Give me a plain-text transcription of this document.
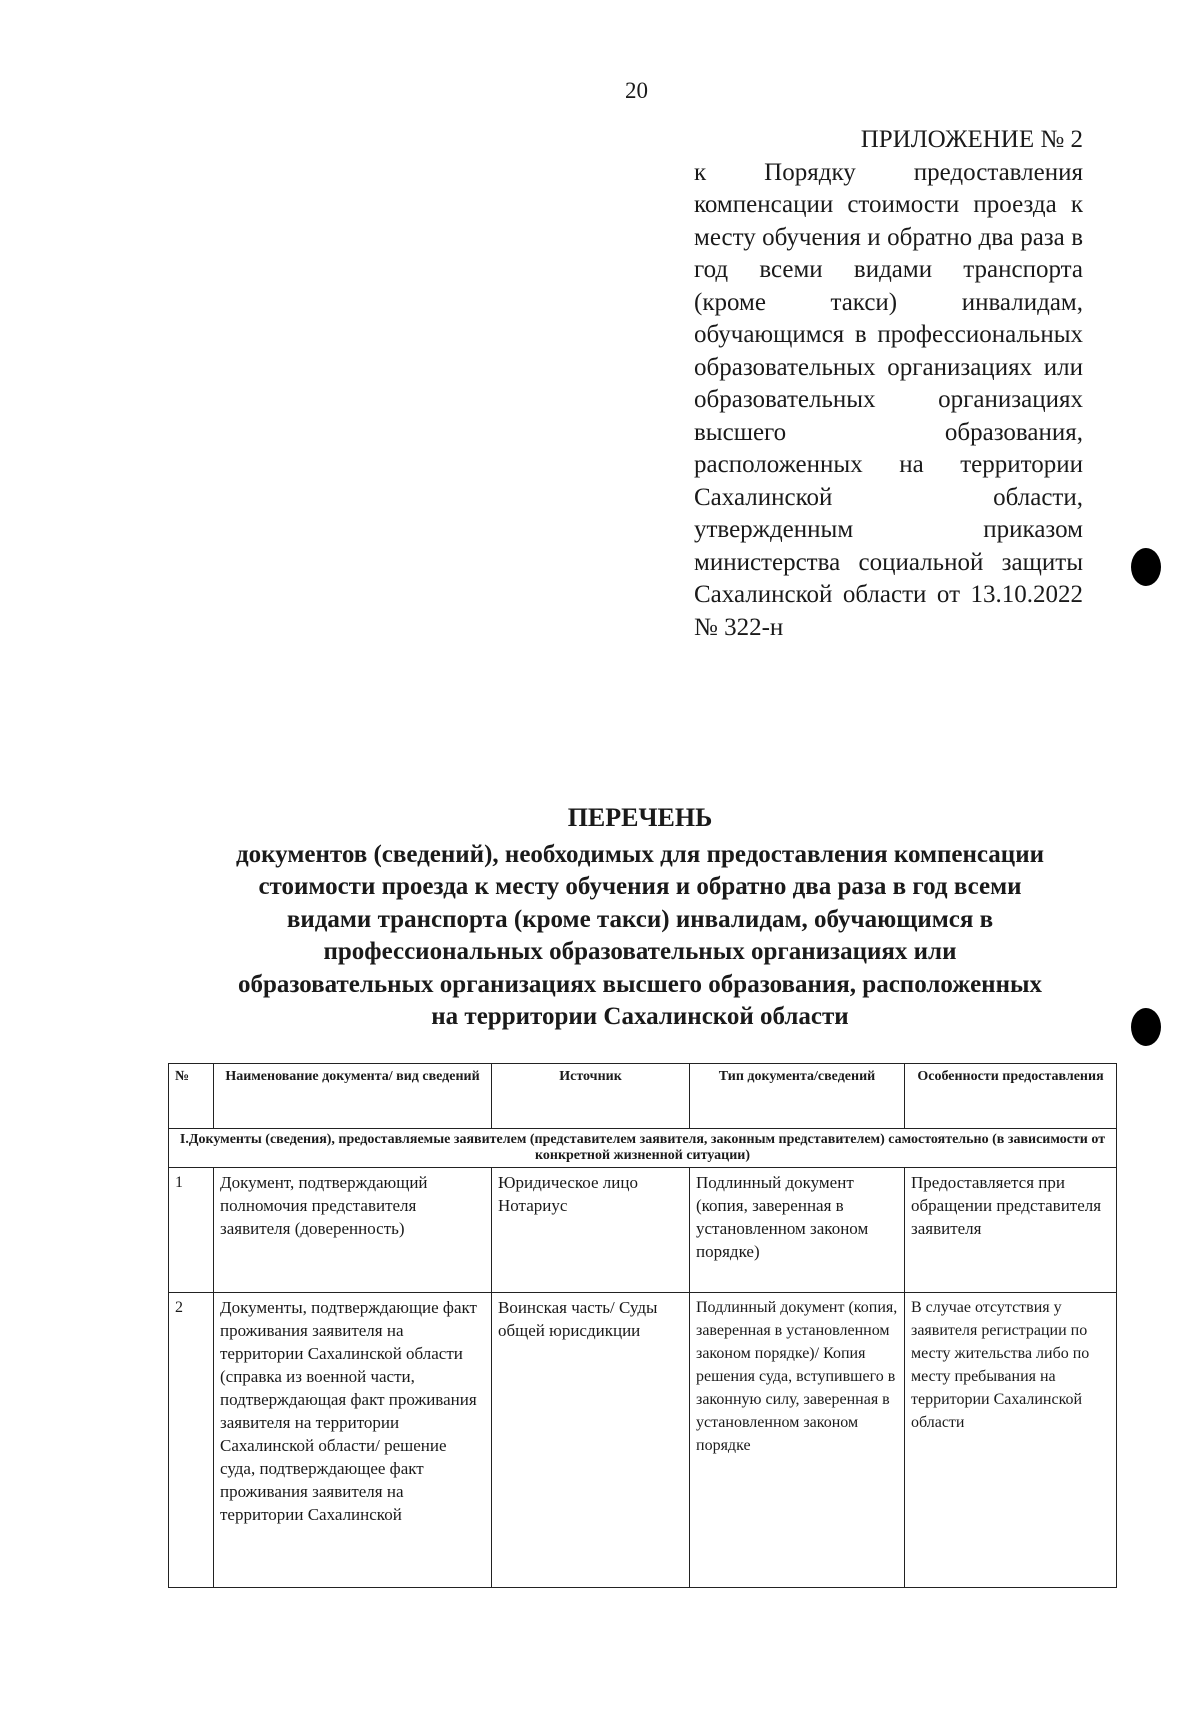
20
ПРИЛОЖЕНИЕ № 2
к Порядку предоставления компенсации стоимости проезда к месту обучения и обратно два раза в год всеми видами транспорта (кроме	такси) инвалидам, обучающимся в профессиональных образовательных организациях или образовательных	организациях высшего	образования, расположенных на территории Сахалинской	области, утвержденным	приказом министерства социальной защиты Сахалинской области от 13.10.2022 № 322-н
ПЕРЕЧЕНЬ
документов (сведений), необходимых для предоставления компенсации
стоимости проезда к месту обучения и обратно два раза в год всеми
видами транспорта (кроме такси) инвалидам, обучающимся в
профессиональных образовательных организациях или
образовательных организациях высшего образования, расположенных
на территории Сахалинской области
№	Наименование документа/ вид сведений	Источник	Тип документа/сведений	Особенности предоставления
I.Документы (сведения), предоставляемые заявителем (представителем заявителя, законным представителем) самостоятельно (в зависимости от конкретной жизненной ситуации)				
1	Документ, подтверждающий полномочия представителя заявителя (доверенность)	Юридическое лицо Нотариус	Подлинный документ (копия, заверенная в установленном законом порядке)	Предоставляется при обращении представителя заявителя
2	Документы, подтверждающие факт проживания заявителя на территории Сахалинской области (справка из военной части, подтверждающая факт проживания заявителя на территории Сахалинской области/ решение суда, подтверждающее факт проживания заявителя на территории Сахалинской	Воинская часть/ Суды общей юрисдикции	Подлинный документ (копия, заверенная в установленном законом порядке)/ Копия решения суда, вступившего в законную силу, заверенная в установленном законом порядке	В случае отсутствия у заявителя регистрации по месту жительства либо по месту пребывания на территории Сахалинской области
